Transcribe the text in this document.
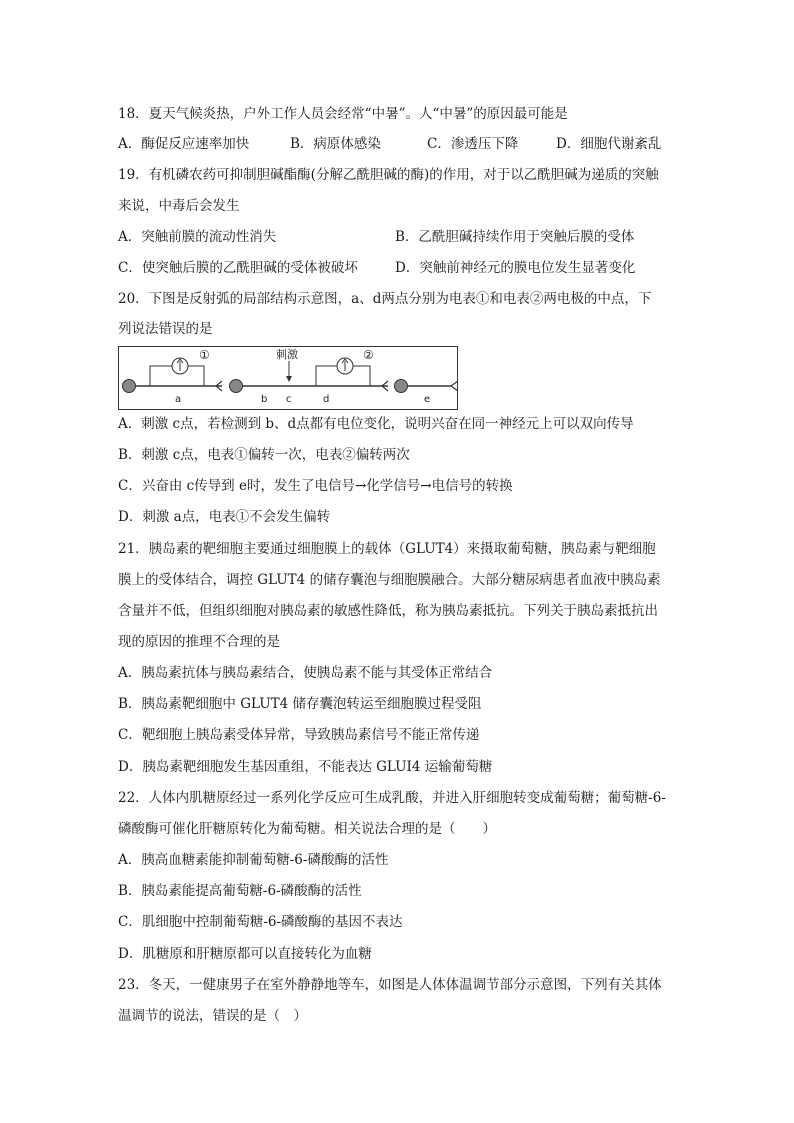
18．夏天气候炎热，户外工作人员会经常“中暑”。人“中暑”的原因最可能是
A．酶促反应速率加快	B．病原体感染	C．渗透压下降	D．细胞代谢紊乱
19．有机磷农药可抑制胆碱酯酶(分解乙酰胆碱的酶)的作用，对于以乙酰胆碱为递质的突触
来说，中毒后会发生
A．突触前膜的流动性消失	B．乙酰胆碱持续作用于突触后膜的受体
C．使突触后膜的乙酰胆碱的受体被破坏	D．突触前神经元的膜电位发生显著变化
20．下图是反射弧的局部结构示意图，a、d两点分别为电表①和电表②两电极的中点，下
列说法错误的是
①	刺激	②
a	b c	d	e
A．刺激 c点，若检测到 b、d点都有电位变化，说明兴奋在同一神经元上可以双向传导
B．刺激 c点，电表①偏转一次，电表②偏转两次
C．兴奋由 c传导到 e时，发生了电信号→化学信号→电信号的转换
D．刺激 a点，电表①不会发生偏转
21．胰岛素的靶细胞主要通过细胞膜上的载体（GLUT4）来摄取葡萄糖，胰岛素与靶细胞
膜上的受体结合，调控 GLUT4 的储存囊泡与细胞膜融合。大部分糖尿病患者血液中胰岛素
含量并不低，但组织细胞对胰岛素的敏感性降低，称为胰岛素抵抗。下列关于胰岛素抵抗出
现的原因的推理不合理的是
A．胰岛素抗体与胰岛素结合，使胰岛素不能与其受体正常结合
B．胰岛素靶细胞中 GLUT4 储存囊泡转运至细胞膜过程受阻
C．靶细胞上胰岛素受体异常，导致胰岛素信号不能正常传递
D．胰岛素靶细胞发生基因重组，不能表达 GLUI4 运输葡萄糖
22．人体内肌糖原经过一系列化学反应可生成乳酸，并进入肝细胞转变成葡萄糖；葡萄糖-6-
磷酸酶可催化肝糖原转化为葡萄糖。相关说法合理的是（　　）
A．胰高血糖素能抑制葡萄糖-6-磷酸酶的活性
B．胰岛素能提高葡萄糖-6-磷酸酶的活性
C．肌细胞中控制葡萄糖-6-磷酸酶的基因不表达
D．肌糖原和肝糖原都可以直接转化为血糖
23．冬天，一健康男子在室外静静地等车，如图是人体体温调节部分示意图，下列有关其体
温调节的说法，错误的是（　）
